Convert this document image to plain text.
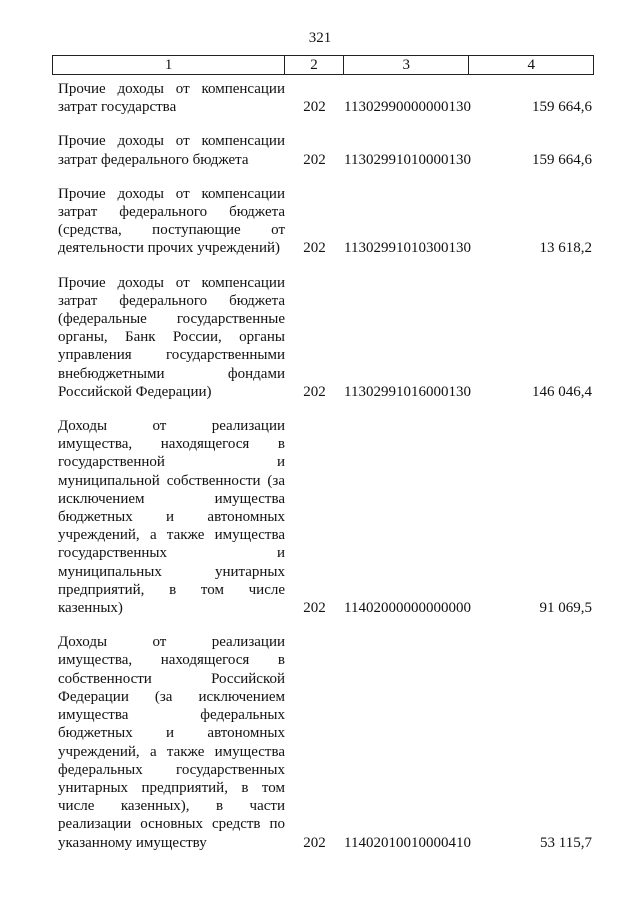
321
1	2	3	4
Прочие доходы от компенсации
затрат государства	202	11302990000000130	159 664,6
Прочие доходы от компенсации
затрат федерального бюджета	202	11302991010000130	159 664,6
Прочие доходы от компенсации
затрат федерального бюджета
(средства, поступающие от
деятельности прочих учреждений)	202	11302991010300130	13 618,2
Прочие доходы от компенсации
затрат федерального бюджета
(федеральные государственные
органы, Банк России, органы
управления государственными
внебюджетными фондами
Российской Федерации)	202	11302991016000130	146 046,4
Доходы от реализации
имущества, находящегося в
государственной и
муниципальной собственности (за
исключением имущества
бюджетных и автономных
учреждений, а также имущества
государственных и
муниципальных унитарных
предприятий, в том числе
казенных)	202	11402000000000000	91 069,5
Доходы от реализации
имущества, находящегося в
собственности Российской
Федерации (за исключением
имущества федеральных
бюджетных и автономных
учреждений, а также имущества
федеральных государственных
унитарных предприятий, в том
числе казенных), в части
реализации основных средств по
указанному имуществу	202	11402010010000410	53 115,7
